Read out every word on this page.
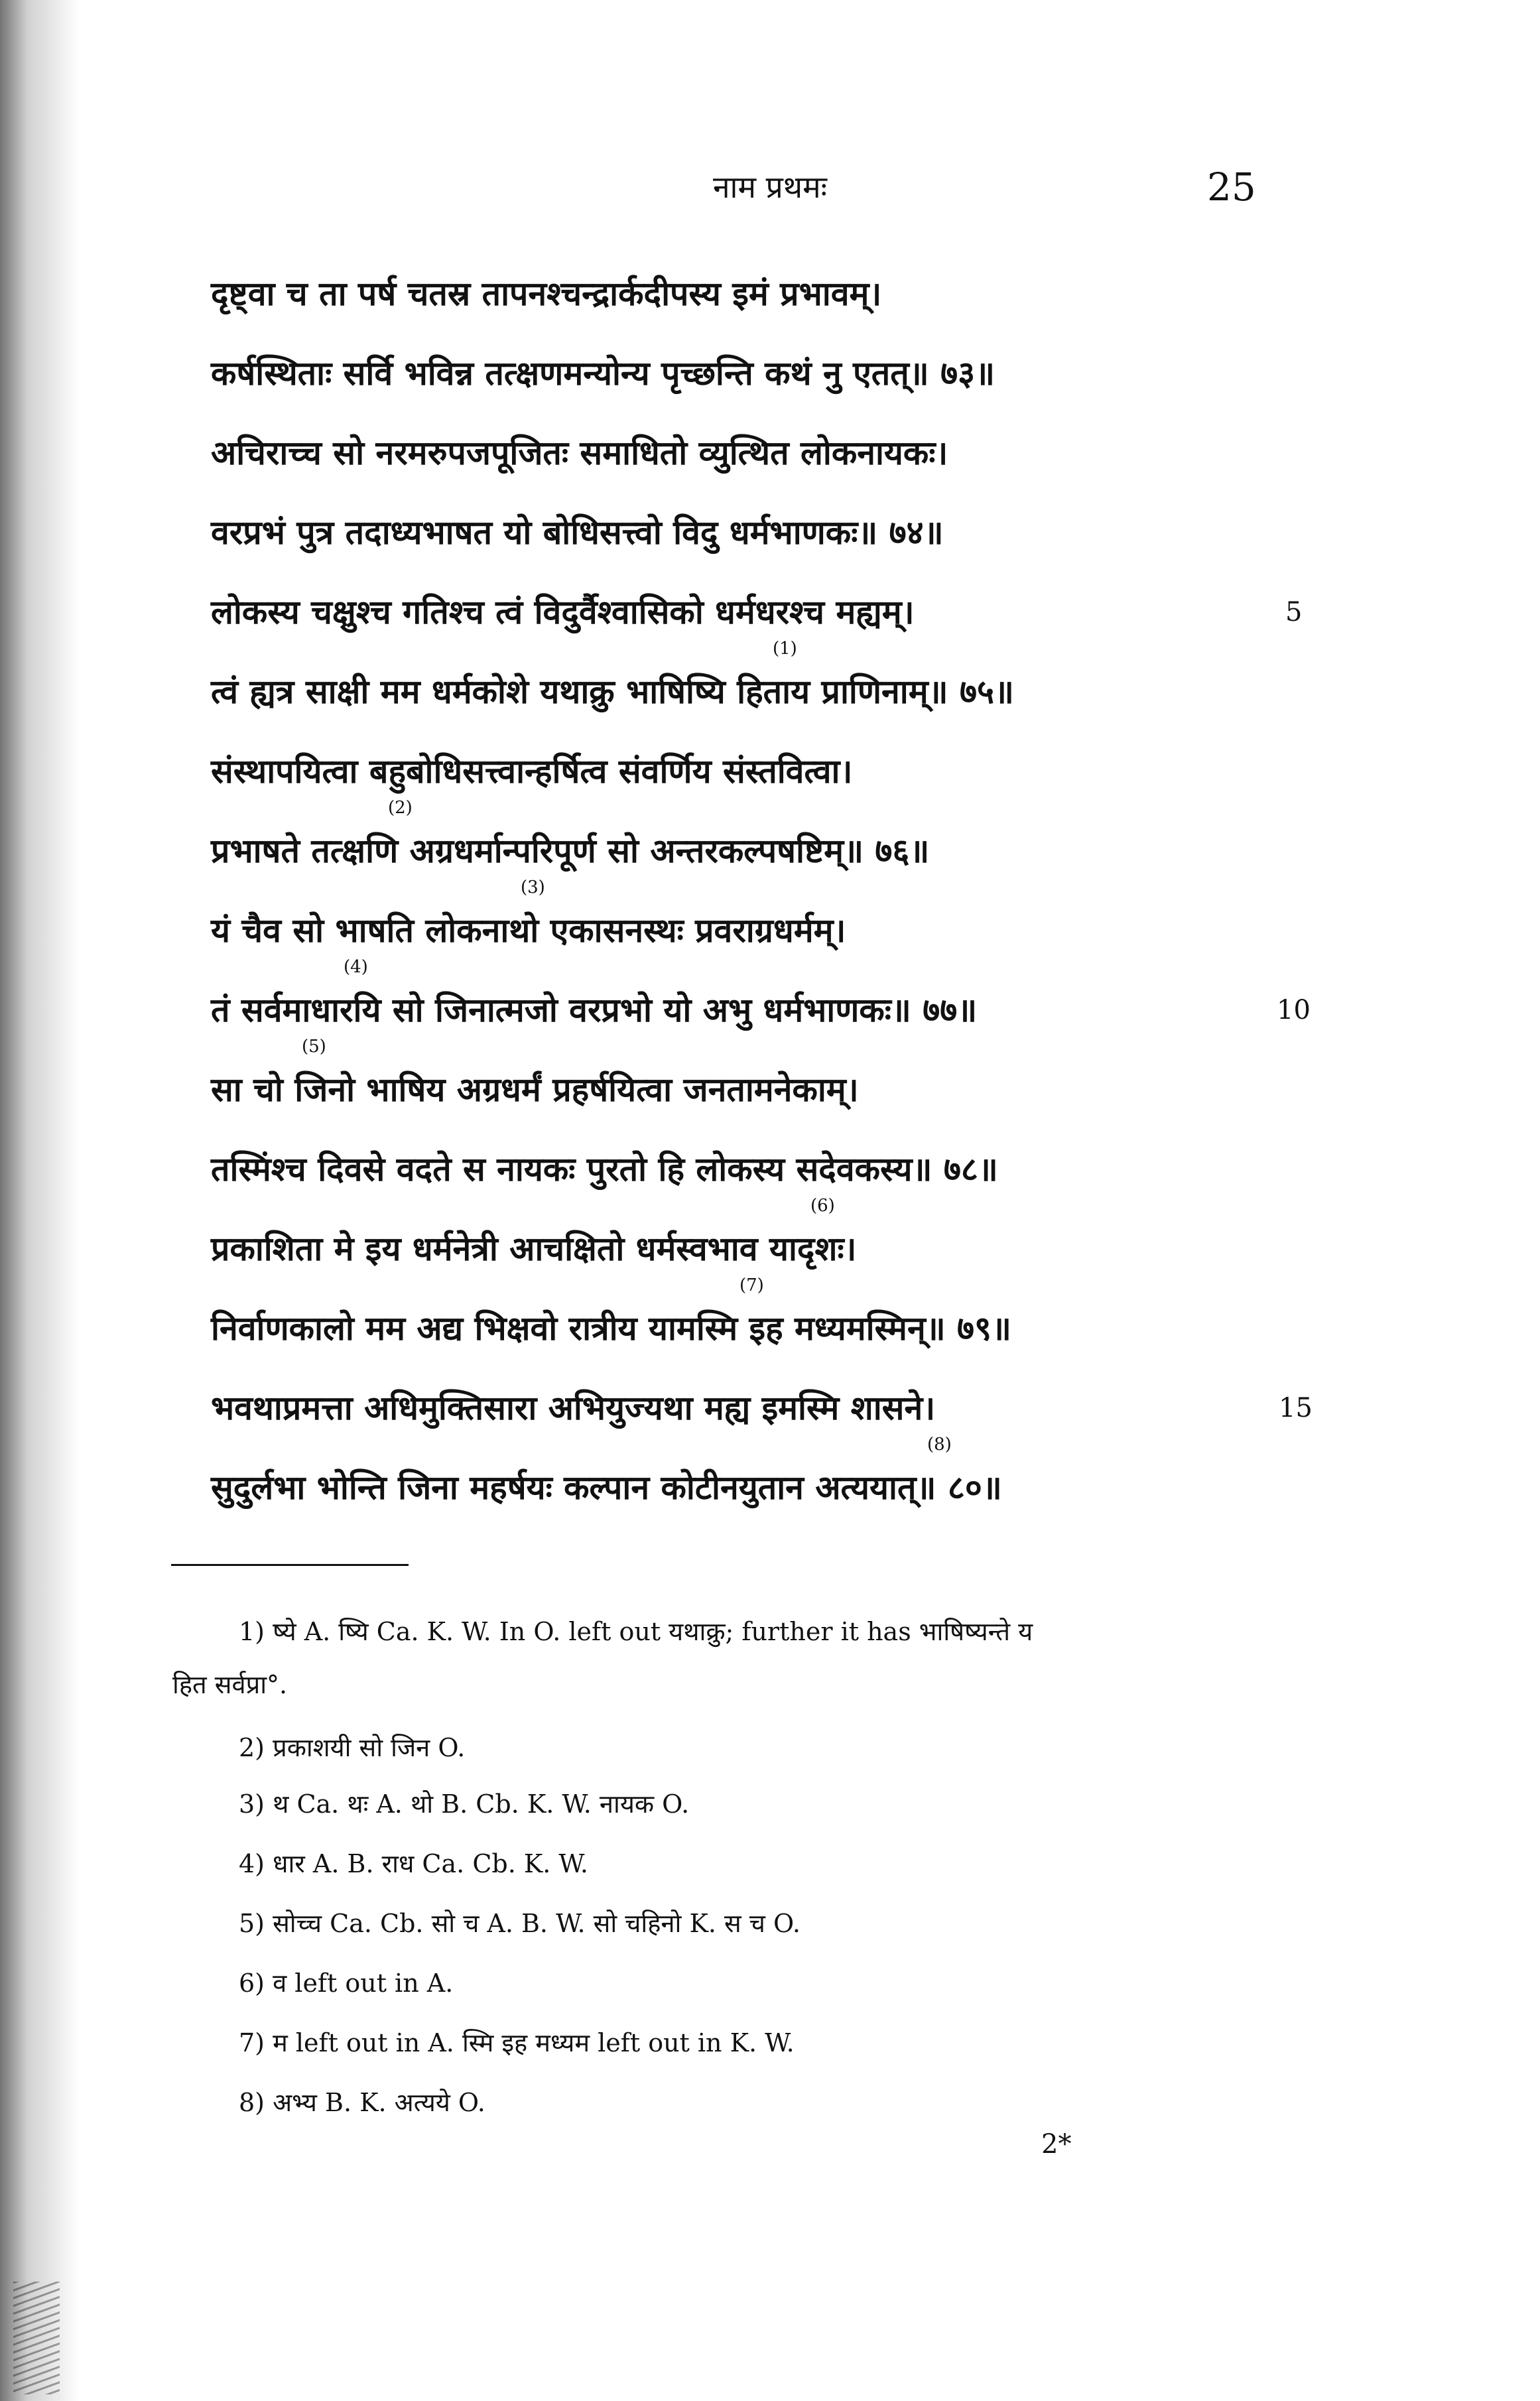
नाम प्रथमः	25
दृष्ट्वा च ता पर्ष चतस्र तापनश्चन्द्रार्कदीपस्य इमं प्रभावम्।
कर्षस्थिताः सर्वि भविन्न तत्क्षणमन्योन्य पृच्छन्ति कथं नु एतत्॥ ७३॥
अचिराच्च सो नरमरुपजपूजितः समाधितो व्युत्थित लोकनायकः।
वरप्रभं पुत्र तदाध्यभाषत यो बोधिसत्त्वो विदु धर्मभाणकः॥ ७४॥
लोकस्य चक्षुश्च गतिश्च त्वं विदुर्वैश्वासिको धर्मधरश्च मह्यम्।
त्वं ह्यत्र साक्षी मम धर्मकोशे यथाक्रु भाषिष्यि हिताय प्राणिनाम्॥ ७५॥
संस्थापयित्वा बहुबोधिसत्त्वान्हर्षित्व संवर्णिय संस्तवित्वा।
प्रभाषते तत्क्षणि अग्रधर्मान्परिपूर्ण सो अन्तरकल्पषष्टिम्॥ ७६॥
यं चैव सो भाषति लोकनाथो एकासनस्थः प्रवराग्रधर्मम्।
तं सर्वमाधारयि सो जिनात्मजो वरप्रभो यो अभु धर्मभाणकः॥ ७७॥
सा चो जिनो भाषिय अग्रधर्मं प्रहर्षयित्वा जनतामनेकाम्।
तस्मिंश्च दिवसे वदते स नायकः पुरतो हि लोकस्य सदेवकस्य॥ ७८॥
प्रकाशिता मे इय धर्मनेत्री आचक्षितो धर्मस्वभाव यादृशः।
निर्वाणकालो मम अद्य भिक्षवो रात्रीय यामस्मि इह मध्यमस्मिन्॥ ७९॥
भवथाप्रमत्ता अधिमुक्तिसारा अभियुज्यथा मह्य इमस्मि शासने।
सुदुर्लभा भोन्ति जिना महर्षयः कल्पान कोटीनयुतान अत्ययात्॥ ८०॥
(1)
(2)
(3)
(4)
(5)
(6)
(7)
(8)
5
10
15
1) ष्ये A. ष्यि Ca. K. W. In O. left out यथाक्रु; further it has भाषिष्यन्ते य
हित सर्वप्रा°.
2) प्रकाशयी सो जिन O.
3) थ Ca. थः A. थो B. Cb. K. W. नायक O.
4) धार A. B. राध Ca. Cb. K. W.
5) सोच्च Ca. Cb. सो च A. B. W. सो चहिनो K. स च O.
6) व left out in A.
7) म left out in A. स्मि इह मध्यम left out in K. W.
8) अभ्य B. K. अत्यये O.
2*
